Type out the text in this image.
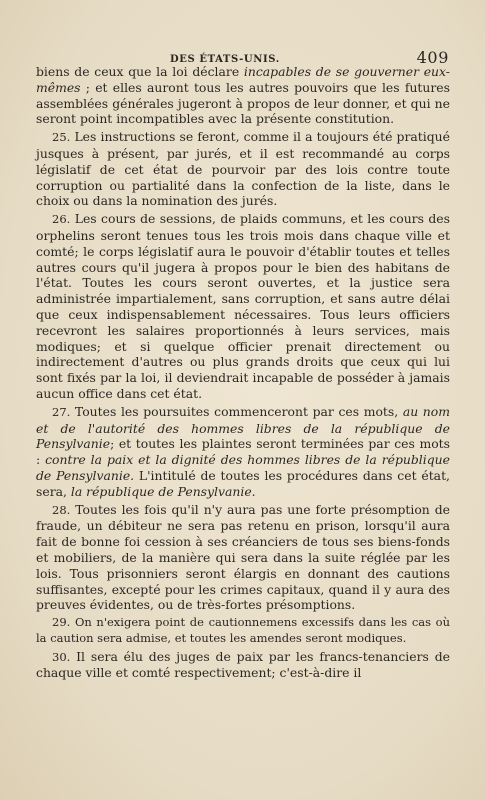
DES ÉTATS-UNIS.	409

biens de ceux que la loi déclare incapables de se gouverner eux-mêmes ; et elles auront tous les autres pouvoirs que les futures assemblées générales jugeront à propos de leur donner, et qui ne seront point incompatibles avec la présente constitution.

25. Les instructions se feront, comme il a toujours été pratiqué jusques à présent, par jurés, et il est recommandé au corps législatif de cet état de pourvoir par des lois contre toute corruption ou partialité dans la confection de la liste, dans le choix ou dans la nomination des jurés.

26. Les cours de sessions, de plaids communs, et les cours des orphelins seront tenues tous les trois mois dans chaque ville et comté; le corps législatif aura le pouvoir d'établir toutes et telles autres cours qu'il jugera à propos pour le bien des habitans de l'état. Toutes les cours seront ouvertes, et la justice sera administrée impartialement, sans corruption, et sans autre délai que ceux indispensablement nécessaires. Tous leurs officiers recevront les salaires proportionnés à leurs services, mais modiques; et si quelque officier prenait directement ou indirectement d'autres ou plus grands droits que ceux qui lui sont fixés par la loi, il deviendrait incapable de posséder à jamais aucun office dans cet état.

27. Toutes les poursuites commenceront par ces mots, au nom et de l'autorité des hommes libres de la république de Pensylvanie; et toutes les plaintes seront terminées par ces mots : contre la paix et la dignité des hommes libres de la république de Pensylvanie. L'intitulé de toutes les procédures dans cet état, sera, la république de Pensylvanie.

28. Toutes les fois qu'il n'y aura pas une forte présomption de fraude, un débiteur ne sera pas retenu en prison, lorsqu'il aura fait de bonne foi cession à ses créanciers de tous ses biens-fonds et mobiliers, de la manière qui sera dans la suite réglée par les lois. Tous prisonniers seront élargis en donnant des cautions suffisantes, excepté pour les crimes capitaux, quand il y aura des preuves évidentes, ou de très-fortes présomptions.

29. On n'exigera point de cautionnemens excessifs dans les cas où la caution sera admise, et toutes les amendes seront modiques.

30. Il sera élu des juges de paix par les francs-tenanciers de chaque ville et comté respectivement; c'est-à-dire il
